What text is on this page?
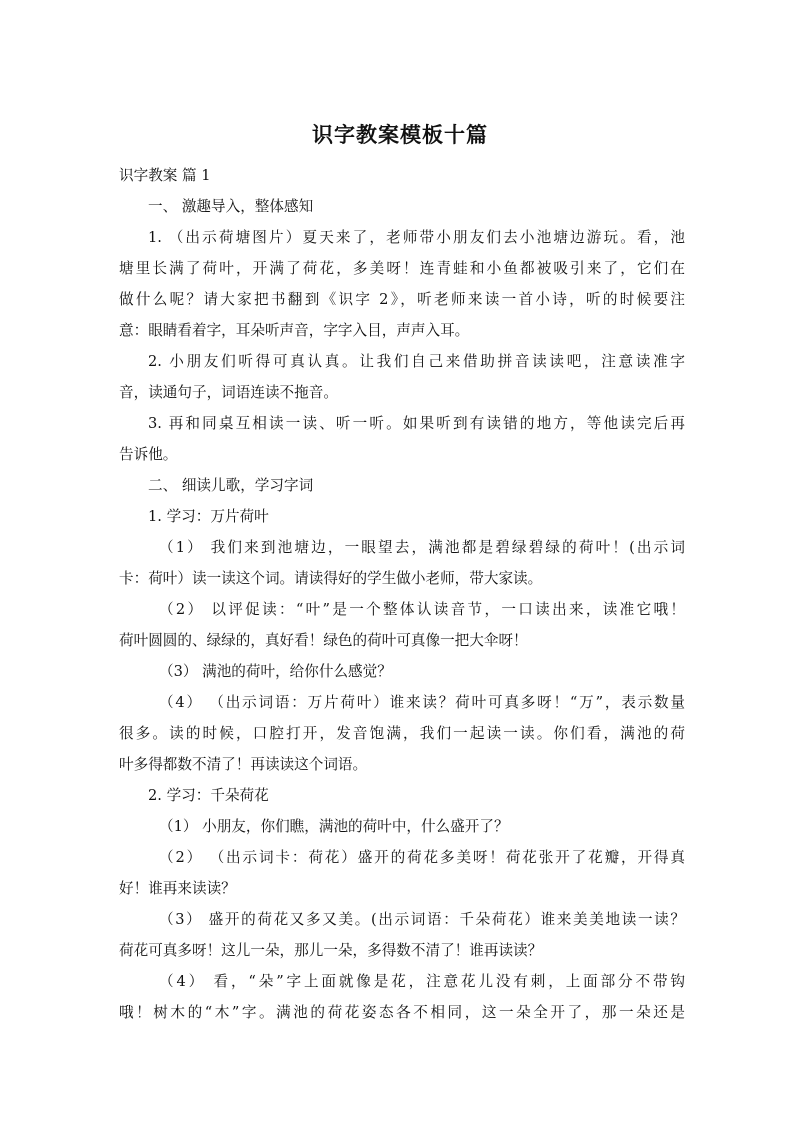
识字教案模板十篇
识字教案 篇 1
一、 激趣导入，整体感知
1. （出示荷塘图片）夏天来了，老师带小朋友们去小池塘边游玩。看，池
塘里长满了荷叶，开满了荷花，多美呀！连青蛙和小鱼都被吸引来了，它们在
做什么呢？请大家把书翻到《识字 2》，听老师来读一首小诗，听的时候要注
意：眼睛看着字，耳朵听声音，字字入目，声声入耳。
2. 小朋友们听得可真认真。让我们自己来借助拼音读读吧，注意读准字
音，读通句子，词语连读不拖音。
3. 再和同桌互相读一读、听一听。如果听到有读错的地方，等他读完后再
告诉他。
二、 细读儿歌，学习字词
1. 学习：万片荷叶
（1） 我们来到池塘边，一眼望去，满池都是碧绿碧绿的荷叶！(出示词
卡：荷叶）读一读这个词。请读得好的学生做小老师，带大家读。
（2） 以评促读：“叶”是一个整体认读音节，一口读出来，读准它哦！
荷叶圆圆的、绿绿的，真好看！绿色的荷叶可真像一把大伞呀！
（3） 满池的荷叶，给你什么感觉？
（4） （出示词语：万片荷叶）谁来读？荷叶可真多呀！“万”，表示数量
很多。读的时候，口腔打开，发音饱满，我们一起读一读。你们看，满池的荷
叶多得都数不清了！再读读这个词语。
2. 学习：千朵荷花
（1） 小朋友，你们瞧，满池的荷叶中，什么盛开了？
（2） （出示词卡：荷花）盛开的荷花多美呀！荷花张开了花瓣，开得真
好！谁再来读读？
（3） 盛开的荷花又多又美。(出示词语：千朵荷花）谁来美美地读一读？
荷花可真多呀！这儿一朵，那儿一朵，多得数不清了！谁再读读？
（4） 看，“朵”字上面就像是花，注意花儿没有刺，上面部分不带钩
哦！树木的“木”字。满池的荷花姿态各不相同，这一朵全开了，那一朵还是
